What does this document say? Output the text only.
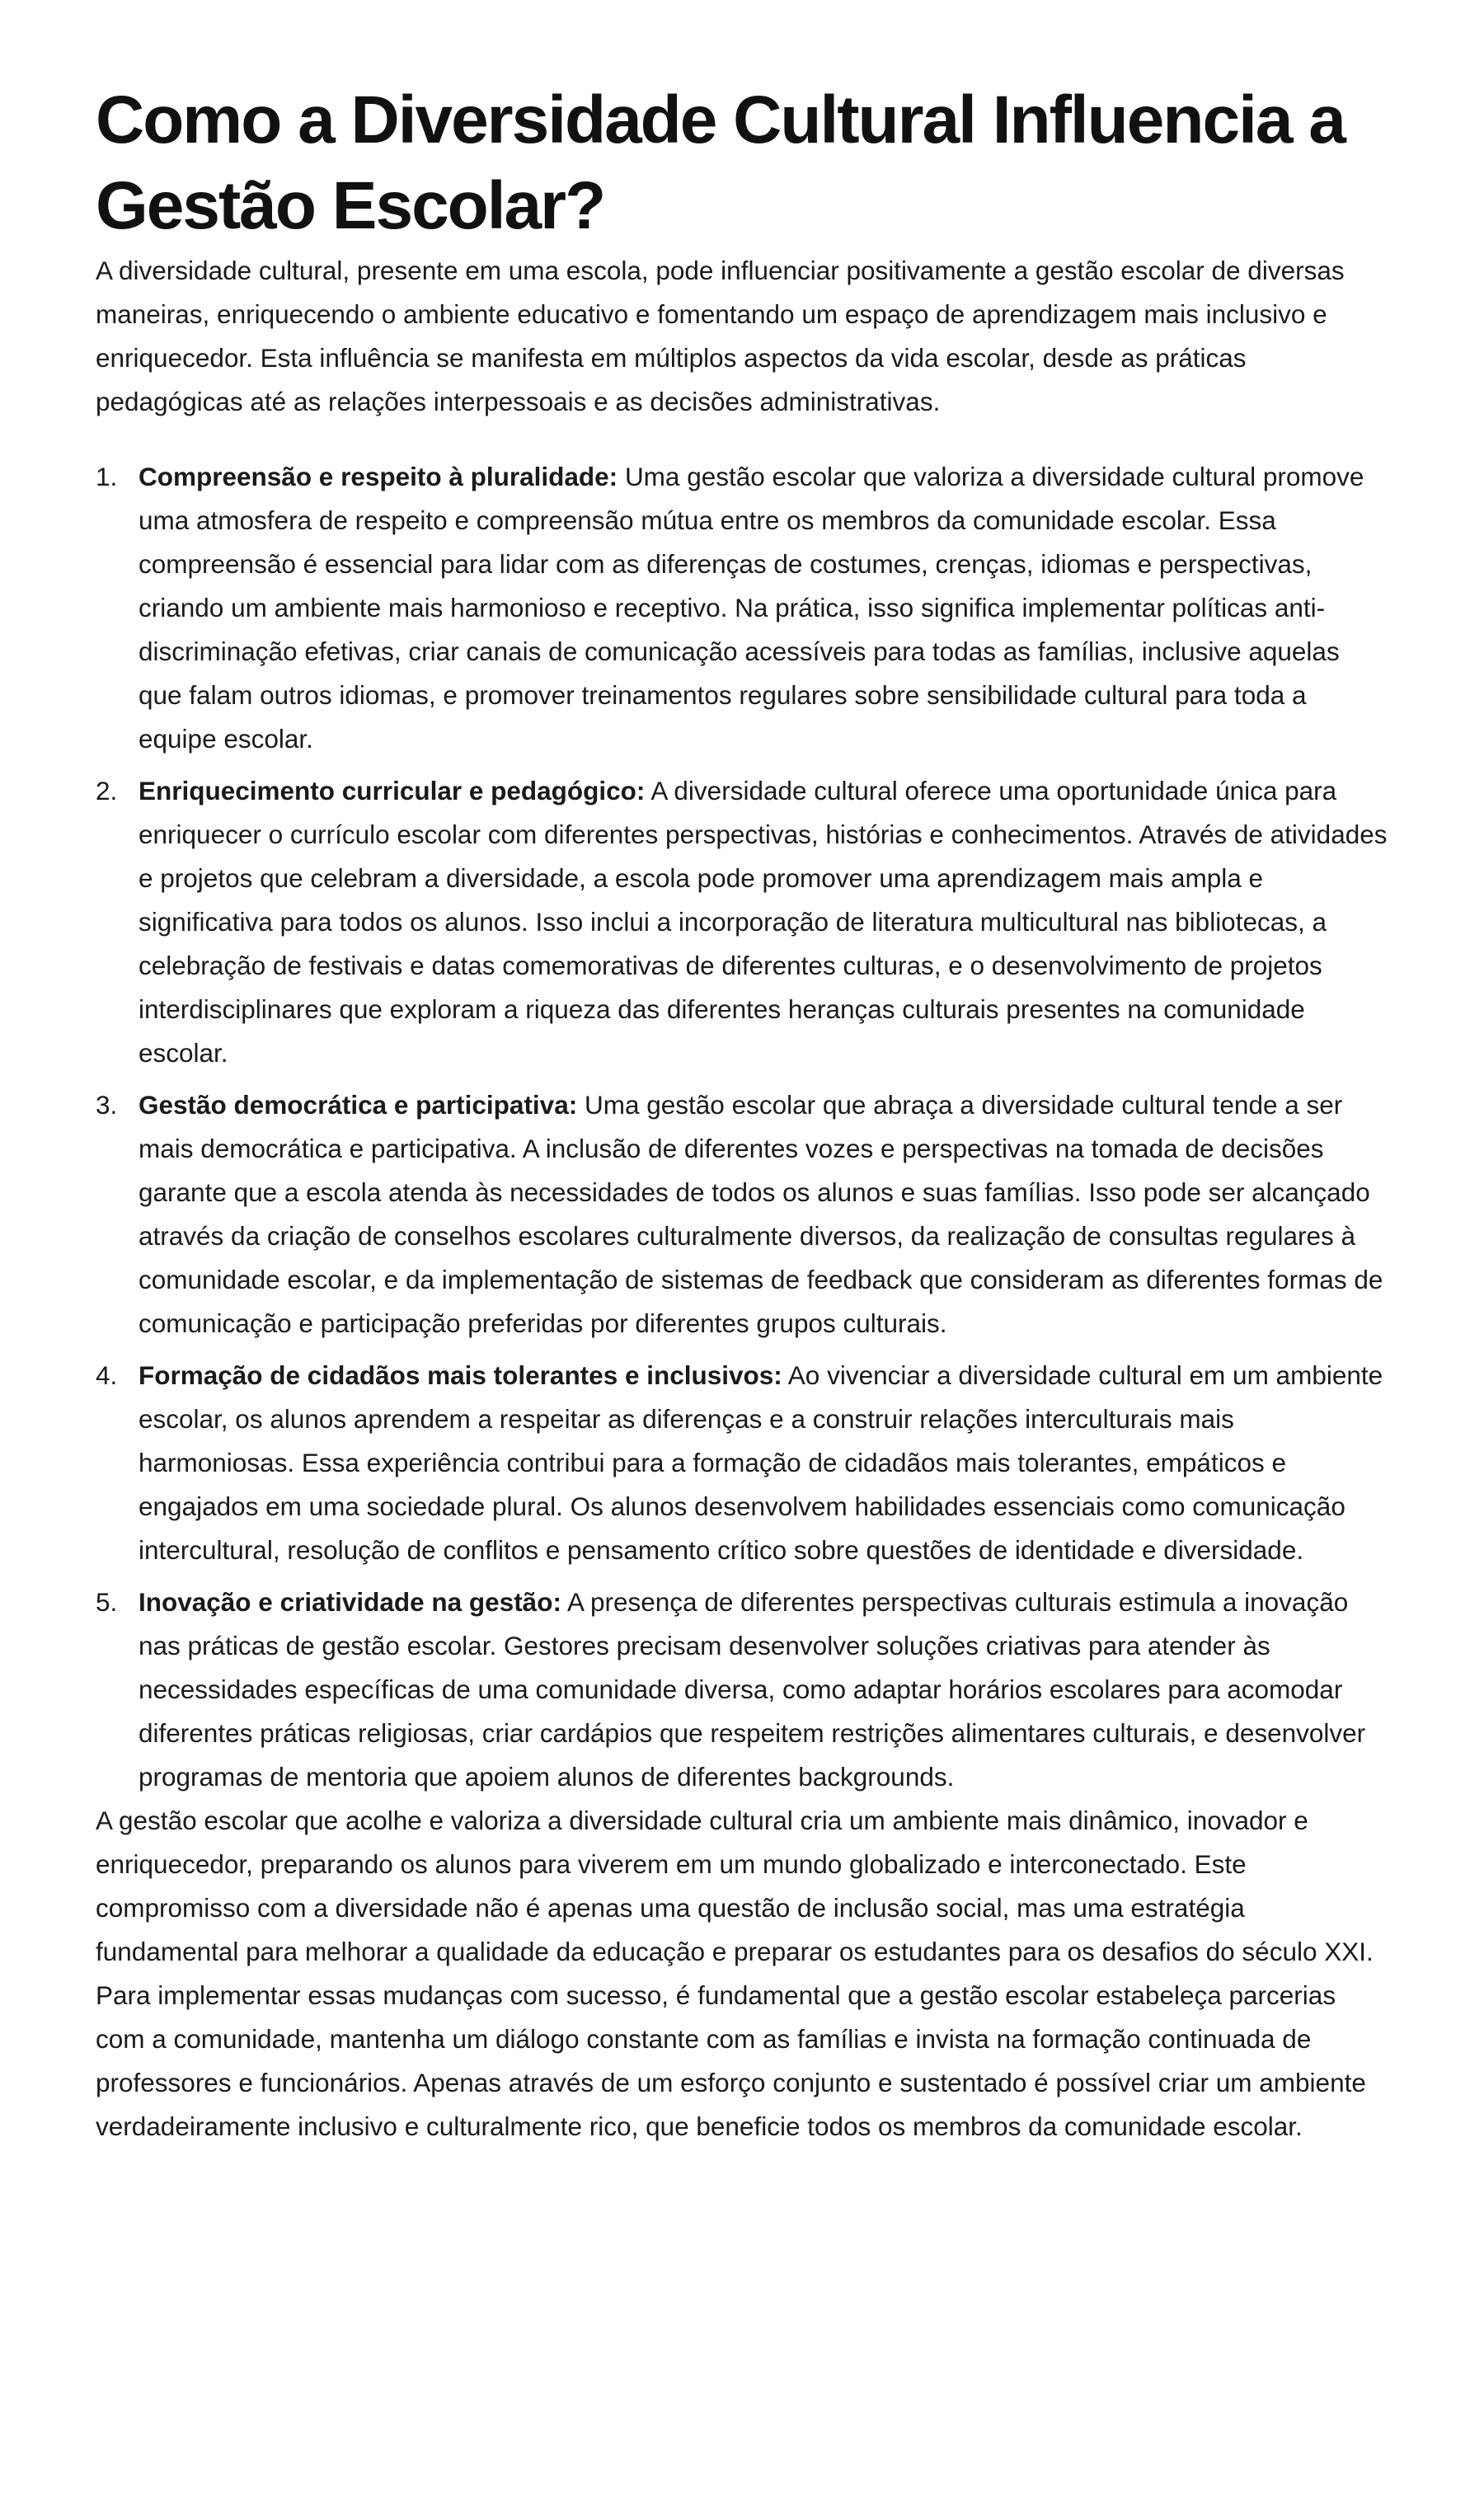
Como a Diversidade Cultural Influencia a Gestão Escolar?

A diversidade cultural, presente em uma escola, pode influenciar positivamente a gestão escolar de diversas maneiras, enriquecendo o ambiente educativo e fomentando um espaço de aprendizagem mais inclusivo e enriquecedor. Esta influência se manifesta em múltiplos aspectos da vida escolar, desde as práticas pedagógicas até as relações interpessoais e as decisões administrativas.

1. Compreensão e respeito à pluralidade: Uma gestão escolar que valoriza a diversidade cultural promove uma atmosfera de respeito e compreensão mútua entre os membros da comunidade escolar. Essa compreensão é essencial para lidar com as diferenças de costumes, crenças, idiomas e perspectivas, criando um ambiente mais harmonioso e receptivo. Na prática, isso significa implementar políticas anti-discriminação efetivas, criar canais de comunicação acessíveis para todas as famílias, inclusive aquelas que falam outros idiomas, e promover treinamentos regulares sobre sensibilidade cultural para toda a equipe escolar.
2. Enriquecimento curricular e pedagógico: A diversidade cultural oferece uma oportunidade única para enriquecer o currículo escolar com diferentes perspectivas, histórias e conhecimentos. Através de atividades e projetos que celebram a diversidade, a escola pode promover uma aprendizagem mais ampla e significativa para todos os alunos. Isso inclui a incorporação de literatura multicultural nas bibliotecas, a celebração de festivais e datas comemorativas de diferentes culturas, e o desenvolvimento de projetos interdisciplinares que exploram a riqueza das diferentes heranças culturais presentes na comunidade escolar.
3. Gestão democrática e participativa: Uma gestão escolar que abraça a diversidade cultural tende a ser mais democrática e participativa. A inclusão de diferentes vozes e perspectivas na tomada de decisões garante que a escola atenda às necessidades de todos os alunos e suas famílias. Isso pode ser alcançado através da criação de conselhos escolares culturalmente diversos, da realização de consultas regulares à comunidade escolar, e da implementação de sistemas de feedback que consideram as diferentes formas de comunicação e participação preferidas por diferentes grupos culturais.
4. Formação de cidadãos mais tolerantes e inclusivos: Ao vivenciar a diversidade cultural em um ambiente escolar, os alunos aprendem a respeitar as diferenças e a construir relações interculturais mais harmoniosas. Essa experiência contribui para a formação de cidadãos mais tolerantes, empáticos e engajados em uma sociedade plural. Os alunos desenvolvem habilidades essenciais como comunicação intercultural, resolução de conflitos e pensamento crítico sobre questões de identidade e diversidade.
5. Inovação e criatividade na gestão: A presença de diferentes perspectivas culturais estimula a inovação nas práticas de gestão escolar. Gestores precisam desenvolver soluções criativas para atender às necessidades específicas de uma comunidade diversa, como adaptar horários escolares para acomodar diferentes práticas religiosas, criar cardápios que respeitem restrições alimentares culturais, e desenvolver programas de mentoria que apoiem alunos de diferentes backgrounds.

A gestão escolar que acolhe e valoriza a diversidade cultural cria um ambiente mais dinâmico, inovador e enriquecedor, preparando os alunos para viverem em um mundo globalizado e interconectado. Este compromisso com a diversidade não é apenas uma questão de inclusão social, mas uma estratégia fundamental para melhorar a qualidade da educação e preparar os estudantes para os desafios do século XXI.

Para implementar essas mudanças com sucesso, é fundamental que a gestão escolar estabeleça parcerias com a comunidade, mantenha um diálogo constante com as famílias e invista na formação continuada de professores e funcionários. Apenas através de um esforço conjunto e sustentado é possível criar um ambiente verdadeiramente inclusivo e culturalmente rico, que beneficie todos os membros da comunidade escolar.
